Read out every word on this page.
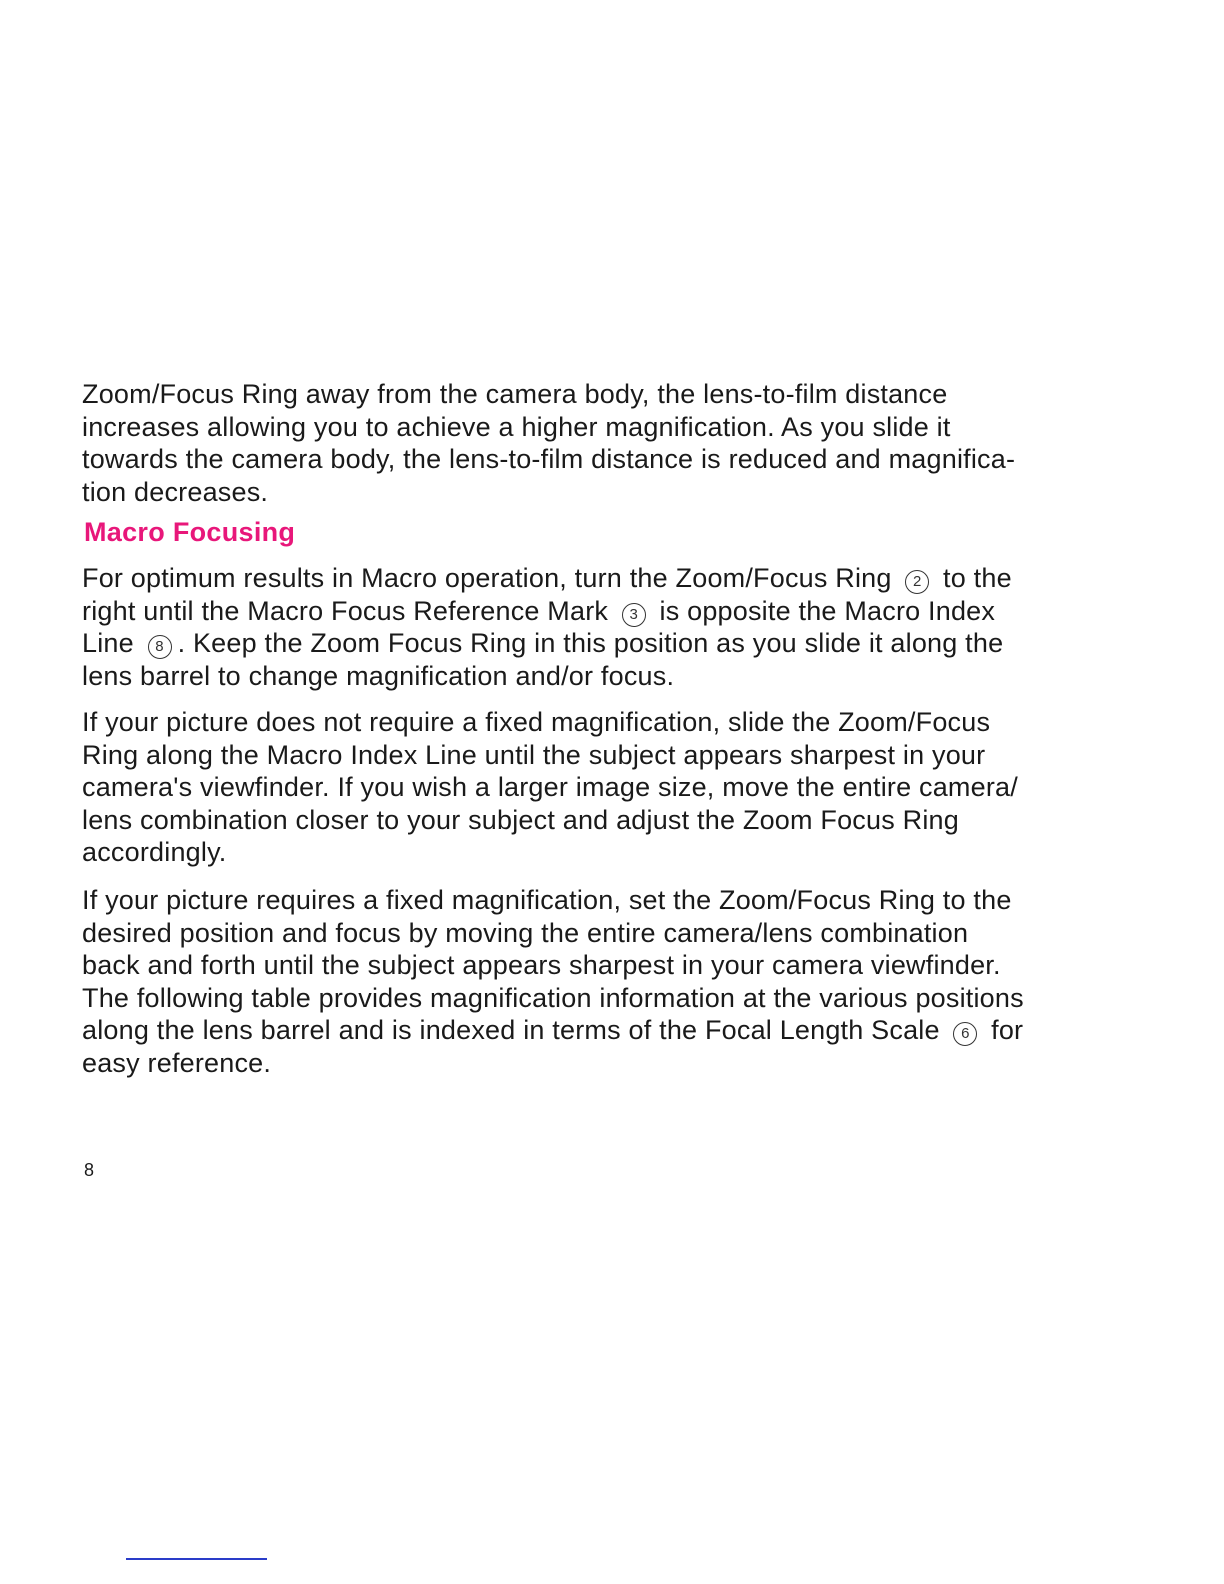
Zoom/Focus Ring away from the camera body, the lens-to-film distance
increases allowing you to achieve a higher magnification. As you slide it
towards the camera body, the lens-to-film distance is reduced and magnifica-
tion decreases.
Macro Focusing
For optimum results in Macro operation, turn the Zoom/Focus Ring 2 to the
right until the Macro Focus Reference Mark 3 is opposite the Macro Index
Line 8 . Keep the Zoom Focus Ring in this position as you slide it along the
lens barrel to change magnification and/or focus.
If your picture does not require a fixed magnification, slide the Zoom/Focus
Ring along the Macro Index Line until the subject appears sharpest in your
camera's viewfinder. If you wish a larger image size, move the entire camera/
lens combination closer to your subject and adjust the Zoom Focus Ring
accordingly.
If your picture requires a fixed magnification, set the Zoom/Focus Ring to the
desired position and focus by moving the entire camera/lens combination
back and forth until the subject appears sharpest in your camera viewfinder.
The following table provides magnification information at the various positions
along the lens barrel and is indexed in terms of the Focal Length Scale 6 for
easy reference.
8
